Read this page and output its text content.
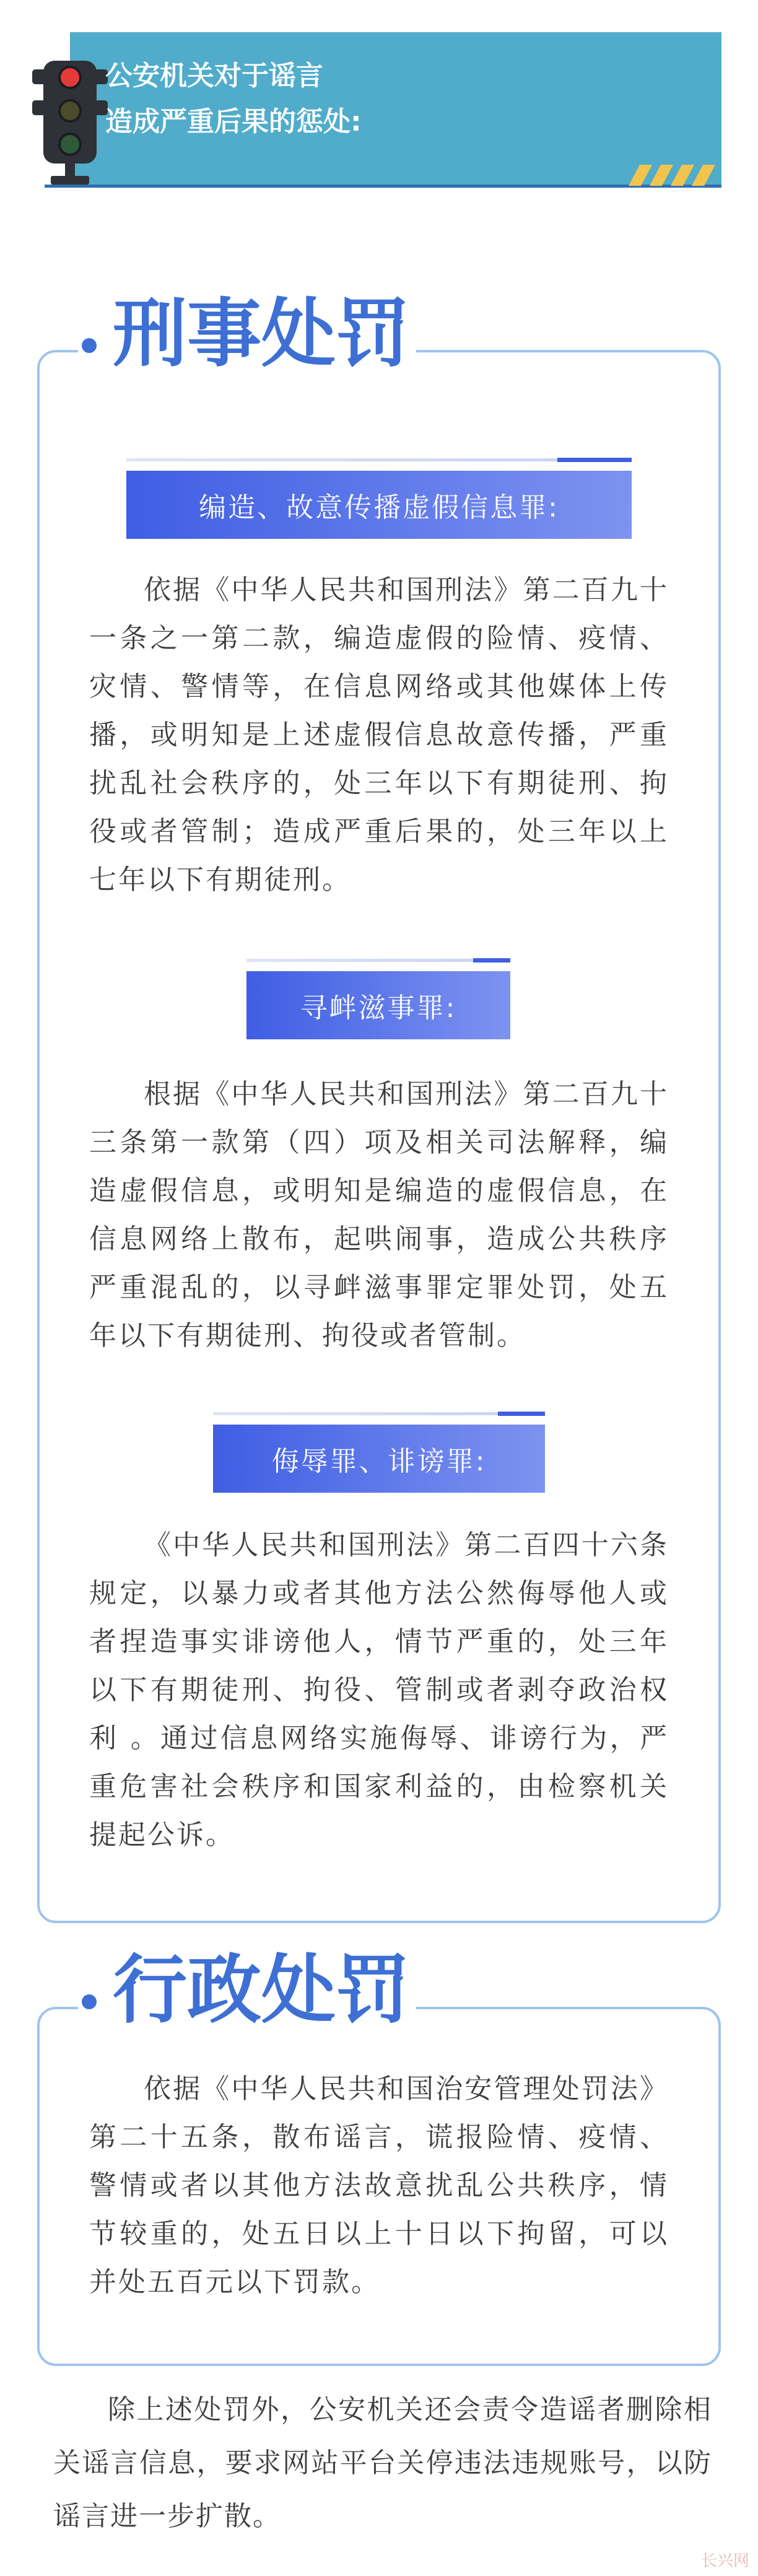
公安机关对于谣言
造成严重后果的惩处:
刑事处罚
编造、故意传播虚假信息罪:
依据《中华人民共和国刑法》第二百九十一条之一第二款，编造虚假的险情、疫情、灾情、警情等，在信息网络或其他媒体上传播，或明知是上述虚假信息故意传播，严重扰乱社会秩序的，处三年以下有期徒刑、拘役或者管制；造成严重后果的，处三年以上七年以下有期徒刑。
寻衅滋事罪:
根据《中华人民共和国刑法》第二百九十三条第一款第（四）项及相关司法解释，编造虚假信息，或明知是编造的虚假信息，在信息网络上散布，起哄闹事，造成公共秩序严重混乱的，以寻衅滋事罪定罪处罚，处五年以下有期徒刑、拘役或者管制。
侮辱罪、诽谤罪:
《中华人民共和国刑法》第二百四十六条规定，以暴力或者其他方法公然侮辱他人或者捏造事实诽谤他人，情节严重的，处三年以下有期徒刑、拘役、管制或者剥夺政治权利 。通过信息网络实施侮辱、诽谤行为，严重危害社会秩序和国家利益的，由检察机关提起公诉。
行政处罚
依据《中华人民共和国治安管理处罚法》第二十五条，散布谣言，谎报险情、疫情、警情或者以其他方法故意扰乱公共秩序，情节较重的，处五日以上十日以下拘留，可以并处五百元以下罚款。
除上述处罚外，公安机关还会责令造谣者删除相关谣言信息，要求网站平台关停违法违规账号，以防谣言进一步扩散。
长兴网
